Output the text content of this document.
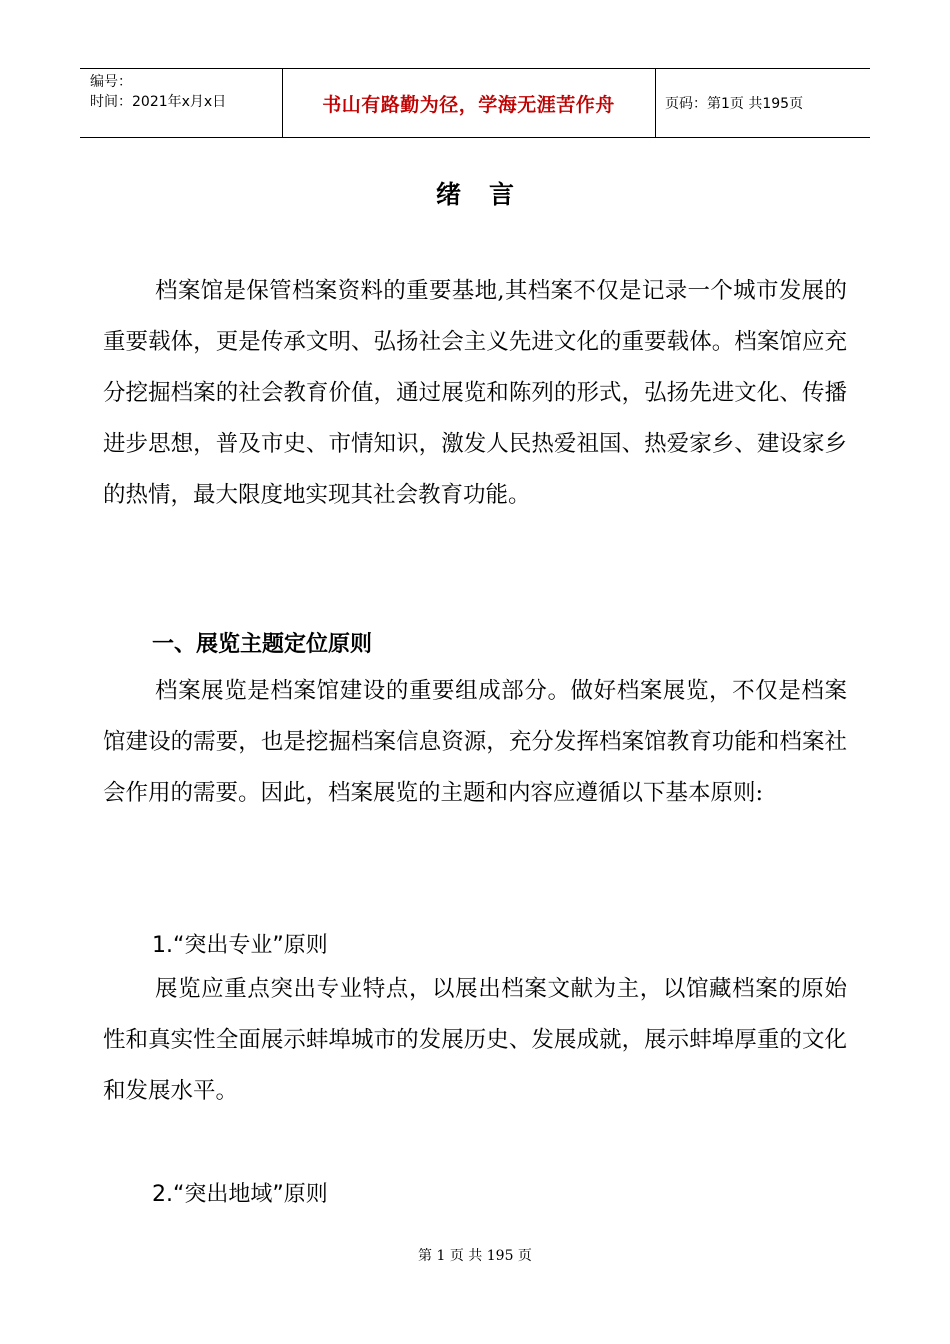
编号：
时间：2021年x月x日	书山有路勤为径，学海无涯苦作舟	页码：第1页 共195页
绪言

档案馆是保管档案资料的重要基地,其档案不仅是记录一个城市发展的重要载体，更是传承文明、弘扬社会主义先进文化的重要载体。档案馆应充分挖掘档案的社会教育价值，通过展览和陈列的形式，弘扬先进文化、传播进步思想，普及市史、市情知识，激发人民热爱祖国、热爱家乡、建设家乡的热情，最大限度地实现其社会教育功能。

一、展览主题定位原则

档案展览是档案馆建设的重要组成部分。做好档案展览，不仅是档案馆建设的需要，也是挖掘档案信息资源，充分发挥档案馆教育功能和档案社会作用的需要。因此，档案展览的主题和内容应遵循以下基本原则:

1.“突出专业”原则

展览应重点突出专业特点，以展出档案文献为主，以馆藏档案的原始性和真实性全面展示蚌埠城市的发展历史、发展成就，展示蚌埠厚重的文化和发展水平。

2.“突出地域”原则
第 1 页 共 195 页
